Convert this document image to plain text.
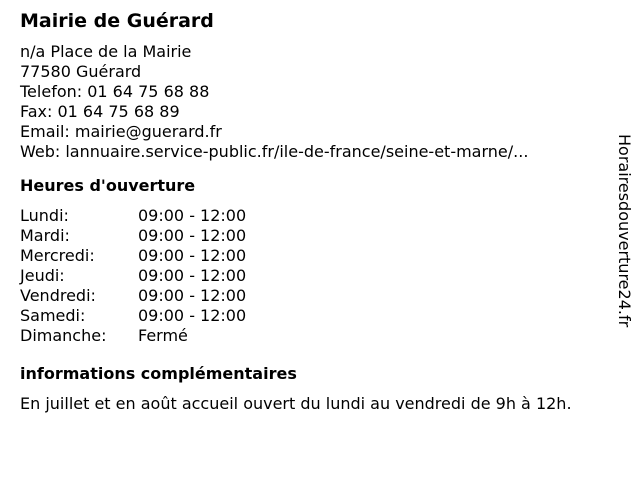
Mairie de Guérard
n/a Place de la Mairie
77580 Guérard
Telefon: 01 64 75 68 88
Fax: 01 64 75 68 89
Email: mairie@guerard.fr
Web: lannuaire.service-public.fr/ile-de-france/seine-et-marne/...
Heures d'ouverture
Lundi:	09:00 - 12:00
Mardi:	09:00 - 12:00
Mercredi:	09:00 - 12:00
Jeudi:	09:00 - 12:00
Vendredi:	09:00 - 12:00
Samedi:	09:00 - 12:00
Dimanche:	Fermé
informations complémentaires
En juillet et en août accueil ouvert du lundi au vendredi de 9h à 12h.
Horairesdouverture24.fr
